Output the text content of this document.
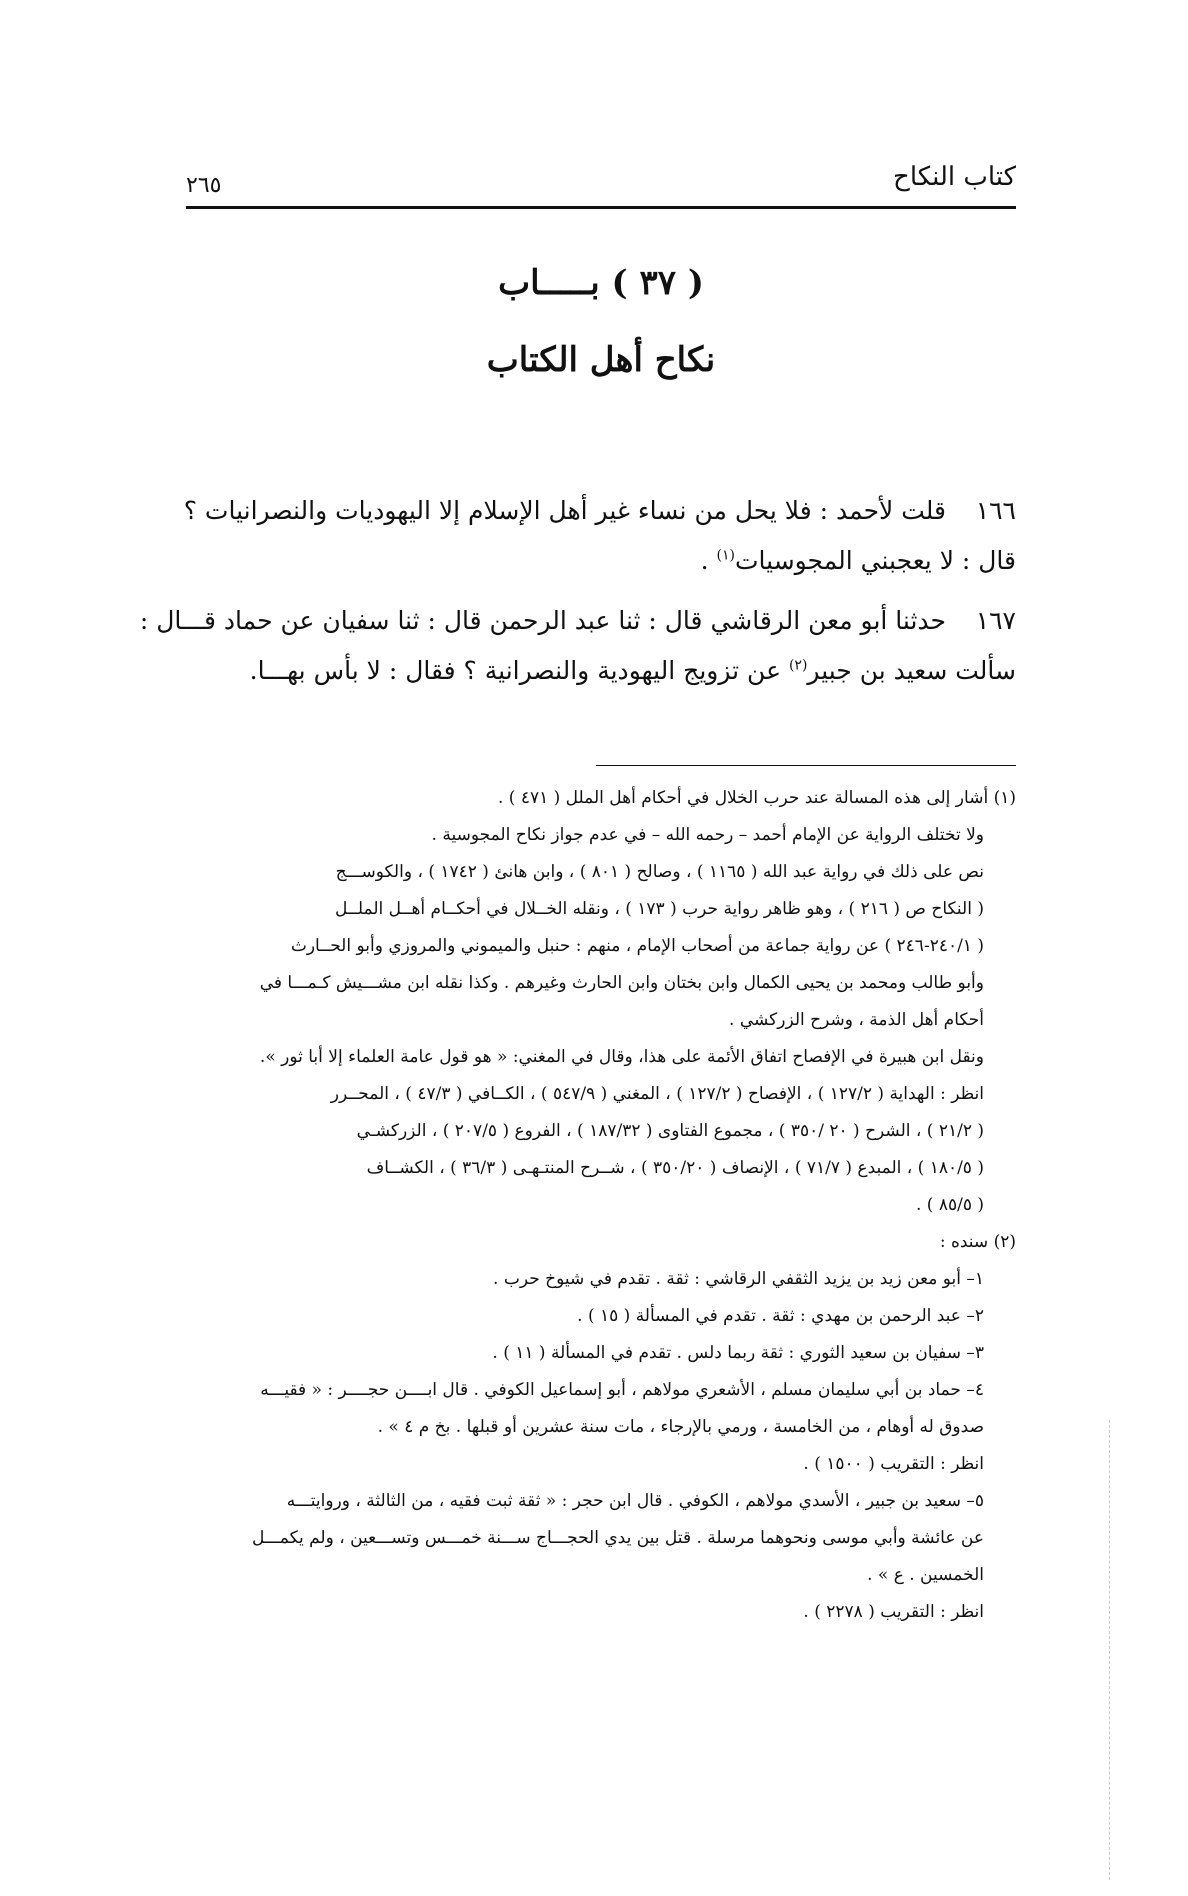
كتاب النكاح
٢٦٥
( ٣٧ ) بـــــاب
نكاح أهل الكتاب
١٦٦

قلت لأحمد : فلا يحل من نساء غير أهل الإسلام إلا اليهوديات والنصرانيات ؟

قال : لا يعجبني المجوسيات$^{(١)}$ .

١٦٧

حدثنا أبو معن الرقاشي قال : ثنا عبد الرحمن قال : ثنا سفيان عن حماد قـــال :

سألت سعيد بن جبير$^{(٢)}$ عن تزويج اليهودية والنصرانية ؟ فقال : لا بأس بهـــا.

(١) أشار إلى هذه المسالة عند حرب الخلال في أحكام أهل الملل ( ٤٧١ ) .

ولا تختلف الرواية عن الإمام أحمد – رحمه الله – في عدم جواز نكاح المجوسية .

نص على ذلك في رواية عبد الله ( ١١٦٥ ) ، وصالح ( ٨٠١ ) ، وابن هانئ ( ١٧٤٢ ) ، والكوســـج

( النكاح ص ( ٢١٦ ) ، وهو ظاهر رواية حرب ( ١٧٣ ) ، ونقله الخــلال في أحكــام أهــل الملــل

( ٢٤٠/١-٢٤٦ ) عن رواية جماعة من أصحاب الإمام ، منهم : حنبل والميموني والمروزي وأبو الحــارث

وأبو طالب ومحمد بن يحيى الكمال وابن بختان وابن الحارث وغيرهم . وكذا نقله ابن مشـــيش كـمـــا في

أحكام أهل الذمة ، وشرح الزركشي .

ونقل ابن هبيرة في الإفصاح اتفاق الأئمة على هذا، وقال في المغني: « هو قول عامة العلماء إلا أبا ثور ».

انظر : الهداية ( ١٢٧/٢ ) ، الإفصاح ( ١٢٧/٢ ) ، المغني ( ٥٤٧/٩ ) ، الكــافي ( ٤٧/٣ ) ، المحــرر

( ٢١/٢ ) ، الشرح ( ٢٠ /٣٥٠ ) ، مجموع الفتاوى ( ١٨٧/٣٢ ) ، الفروع ( ٢٠٧/٥ ) ، الزركشـي

( ١٨٠/٥ ) ، المبدع ( ٧١/٧ ) ، الإنصاف ( ٣٥٠/٢٠ ) ، شــرح المنتـهـى ( ٣٦/٣ ) ، الكشــاف

( ٨٥/٥ ) .

(٢) سنده :

١– أبو معن زيد بن يزيد الثقفي الرقاشي : ثقة . تقدم في شيوخ حرب .

٢– عبد الرحمن بن مهدي : ثقة . تقدم في المسألة ( ١٥ ) .

٣– سفيان بن سعيد الثوري : ثقة ربما دلس . تقدم في المسألة ( ١١ ) .

٤– حماد بن أبي سليمان مسلم ، الأشعري مولاهم ، أبو إسماعيل الكوفي . قال ابــــن حجــــر : « فقيـــه

صدوق له أوهام ، من الخامسة ، ورمي بالإرجاء ، مات سنة عشرين أو قبلها . بخ م ٤ » .

انظر : التقريب ( ١٥٠٠ ) .

٥– سعيد بن جبير ، الأسدي مولاهم ، الكوفي . قال ابن حجر : « ثقة ثبت فقيه ، من الثالثة ، وروايتـــه

عن عائشة وأبي موسى ونحوهما مرسلة . قتل بين يدي الحجـــاج ســـنة خمـــس وتســـعين ، ولم يكمـــل

الخمسين . ع » .

انظر : التقريب ( ٢٢٧٨ ) .
